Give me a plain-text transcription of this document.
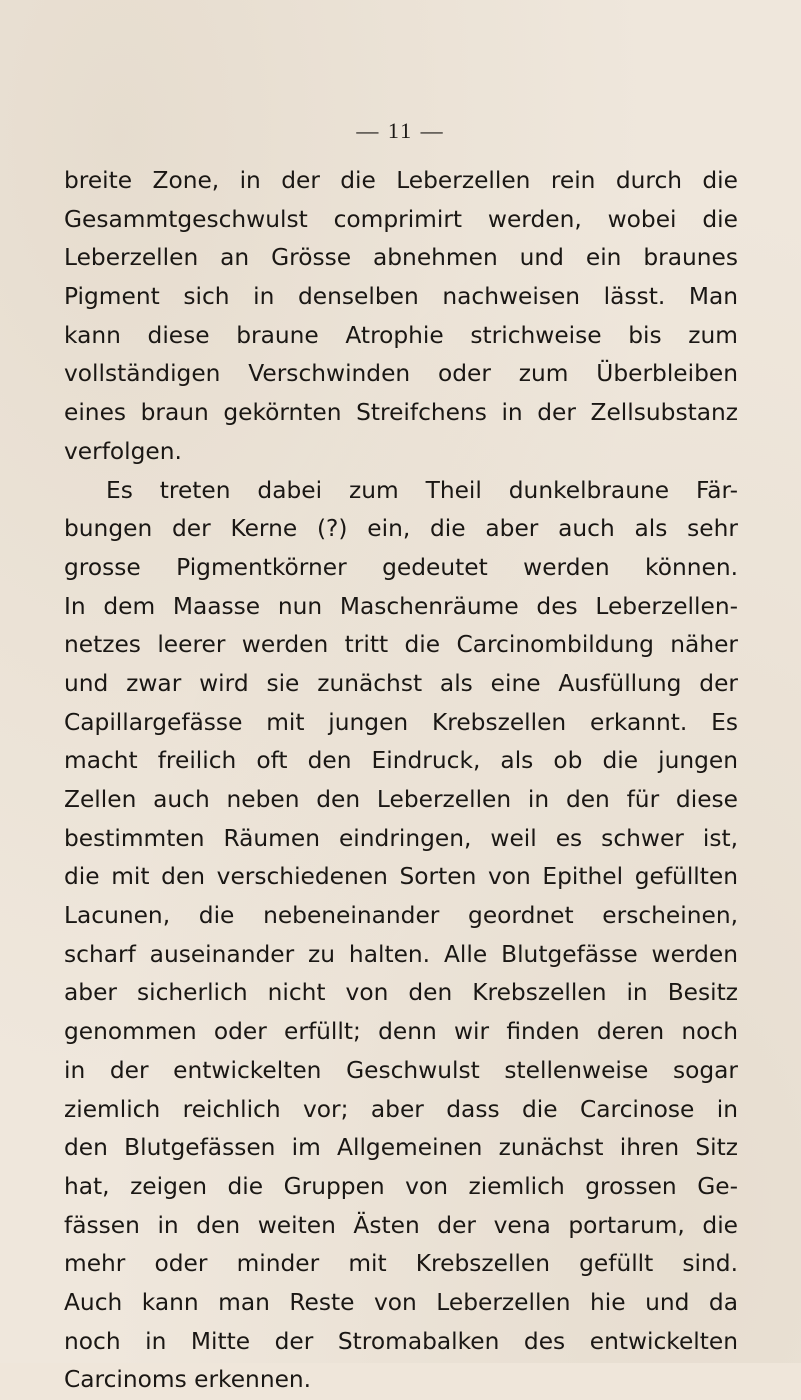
— 11 —
breite Zone, in der die Leberzellen rein durch die
Gesammtgeschwulst comprimirt werden, wobei die
Leberzellen an Grösse abnehmen und ein braunes
Pigment sich in denselben nachweisen lässt. Man
kann diese braune Atrophie strichweise bis zum
vollständigen Verschwinden oder zum Überbleiben
eines braun gekörnten Streifchens in der Zellsubstanz
verfolgen.
Es treten dabei zum Theil dunkelbraune Fär-
bungen der Kerne (?) ein, die aber auch als sehr
grosse Pigmentkörner gedeutet werden können.
In dem Maasse nun Maschenräume des Leberzellen-
netzes leerer werden tritt die Carcinombildung näher
und zwar wird sie zunächst als eine Ausfüllung der
Capillargefässe mit jungen Krebszellen erkannt. Es
macht freilich oft den Eindruck, als ob die jungen
Zellen auch neben den Leberzellen in den für diese
bestimmten Räumen eindringen, weil es schwer ist,
die mit den verschiedenen Sorten von Epithel gefüllten
Lacunen, die nebeneinander geordnet erscheinen,
scharf auseinander zu halten. Alle Blutgefässe werden
aber sicherlich nicht von den Krebszellen in Besitz
genommen oder erfüllt; denn wir finden deren noch
in der entwickelten Geschwulst stellenweise sogar
ziemlich reichlich vor; aber dass die Carcinose in
den Blutgefässen im Allgemeinen zunächst ihren Sitz
hat, zeigen die Gruppen von ziemlich grossen Ge-
fässen in den weiten Ästen der vena portarum, die
mehr oder minder mit Krebszellen gefüllt sind.
Auch kann man Reste von Leberzellen hie und da
noch in Mitte der Stromabalken des entwickelten
Carcinoms erkennen.
